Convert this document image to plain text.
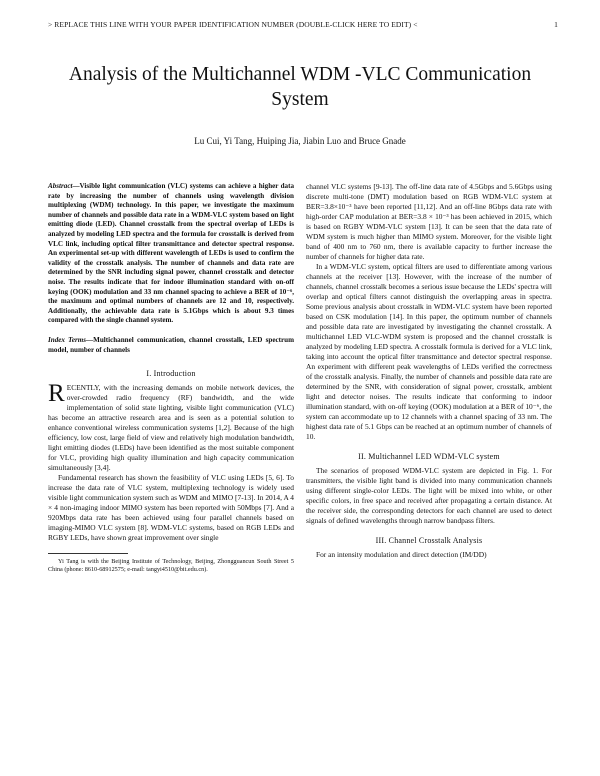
> REPLACE THIS LINE WITH YOUR PAPER IDENTIFICATION NUMBER (DOUBLE-CLICK HERE TO EDIT) <	1
Analysis of the Multichannel WDM -VLC Communication System
Lu Cui, Yi Tang, Huiping Jia, Jiabin Luo and Bruce Gnade

Abstract—Visible light communication (VLC) systems can achieve a higher data rate by increasing the number of channels using wavelength division multiplexing (WDM) technology. In this paper, we investigate the maximum number of channels and possible data rate in a WDM-VLC system based on light emitting diode (LED). Channel crosstalk from the spectral overlap of LEDs is analyzed by modeling LED spectra and the formula for crosstalk is derived from VLC link, including optical filter transmittance and detector spectral response. An experimental set-up with different wavelength of LEDs is used to confirm the validity of the crosstalk analysis. The number of channels and data rate are determined by the SNR including signal power, channel crosstalk and detector noise. The results indicate that for indoor illumination standard with on-off keying (OOK) modulation and 33 nm channel spacing to achieve a BER of 10⁻⁶, the maximum and optimal numbers of channels are 12 and 10, respectively. Additionally, the achievable data rate is 5.1Gbps which is about 9.3 times compared with the single channel system.

Index Terms—Multichannel communication, channel crosstalk, LED spectrum model, number of channels

I. Introduction

RECENTLY, with the increasing demands on mobile network devices, the over-crowded radio frequency (RF) bandwidth, and the wide implementation of solid state lighting, visible light communication (VLC) has become an attractive research area and is seen as a potential solution to enhance conventional wireless communication systems [1,2]. Because of the high efficiency, low cost, large field of view and relatively high modulation bandwidth, light emitting diodes (LEDs) have been identified as the most suitable component for VLC, providing high quality illumination and high capacity communication simultaneously [3,4].

Fundamental research has shown the feasibility of VLC using LEDs [5, 6]. To increase the data rate of VLC system, multiplexing technology is widely used visible light communication system such as WDM and MIMO [7-13]. In 2014, A 4 × 4 non-imaging indoor MIMO system has been reported with 50Mbps [7]. And a 920Mbps data rate has been achieved using four parallel channels based on imaging-MIMO VLC system [8]. WDM-VLC systems, based on RGB LEDs and RGBY LEDs, have shown great improvement over single

Yi Tang is with the Beijing Institute of Technology, Beijing, Zhongguancun South Street 5 China (phone: 8610-68912575; e-mail: tangyi4510@bit.edu.cn).

channel VLC systems [9-13]. The off-line data rate of 4.5Gbps and 5.6Gbps using discrete multi-tone (DMT) modulation based on RGB WDM-VLC system at BER=3.8×10⁻³ have been reported [11,12]. And an off-line 8Gbps data rate with high-order CAP modulation at BER=3.8 × 10⁻³ has been achieved in 2015, which is based on RGBY WDM-VLC system [13]. It can be seen that the data rate of WDM system is much higher than MIMO system. Moreover, for the visible light band of 400 nm to 760 nm, there is available capacity to further increase the number of channels for higher data rate.

In a WDM-VLC system, optical filters are used to differentiate among various channels at the receiver [13]. However, with the increase of the number of channels, channel crosstalk becomes a serious issue because the LEDs' spectra will overlap and optical filters cannot distinguish the overlapping areas in spectra. Some previous analysis about crosstalk in WDM-VLC system have been reported based on CSK modulation [14]. In this paper, the optimum number of channels and possible data rate are investigated by investigating the channel crosstalk. A multichannel LED VLC-WDM system is proposed and the channel crosstalk is analyzed by modeling LED spectra. A crosstalk formula is derived for a VLC link, taking into account the optical filter transmittance and detector spectral response. An experiment with different peak wavelengths of LEDs verified the correctness of the crosstalk analysis. Finally, the number of channels and possible data rate are determined by the SNR, with consideration of signal power, crosstalk, ambient light and detector noises. The results indicate that conforming to indoor illumination standard, with on-off keying (OOK) modulation at a BER of 10⁻⁶, the system can accommodate up to 12 channels with a channel spacing of 33 nm. The highest data rate of 5.1 Gbps can be reached at an optimum number of channels of 10.

II. Multichannel LED WDM-VLC system

The scenarios of proposed WDM-VLC system are depicted in Fig. 1. For transmitters, the visible light band is divided into many communication channels using different single-color LEDs. The light will be mixed into white, or other specific colors, in free space and received after propagating a certain distance. At the receiver side, the corresponding detectors for each channel are used to detect signals of defined wavelengths through narrow bandpass filters.

III. Channel Crosstalk Analysis

For an intensity modulation and direct detection (IM/DD)
